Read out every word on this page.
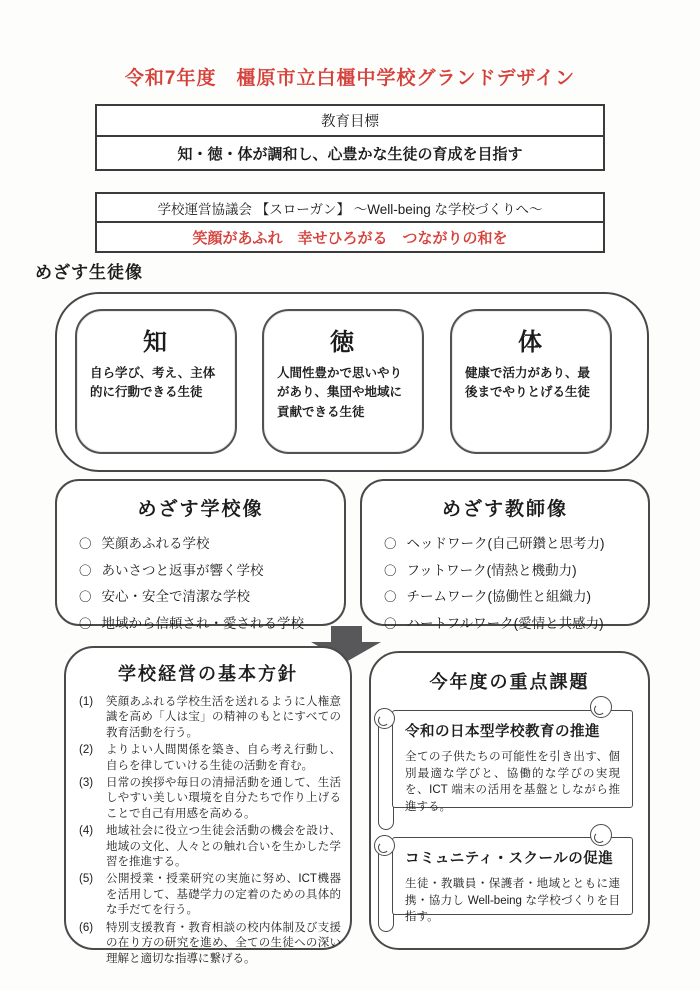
令和7年度　橿原市立白橿中学校グランドデザイン
教育目標
知・徳・体が調和し、心豊かな生徒の育成を目指す
学校運営協議会 【スローガン】 ～Well-being な学校づくりへ～
笑顔があふれ　幸せひろがる　つながりの和を
めざす生徒像
知
自ら学び、考え、主体的に行動できる生徒
徳
人間性豊かで思いやりがあり、集団や地域に貢献できる生徒
体
健康で活力があり、最後までやりとげる生徒
めざす学校像
〇 笑顔あふれる学校
〇 あいさつと返事が響く学校
〇 安心・安全で清潔な学校
〇 地域から信頼され・愛される学校
めざす教師像
〇 ヘッドワーク(自己研鑽と思考力)
〇 フットワーク(情熱と機動力)
〇 チームワーク(協働性と組織力)
〇 ハートフルワーク(愛情と共感力)
学校経営の基本方針
(1)	笑顔あふれる学校生活を送れるように人権意識を高め「人は宝」の精神のもとにすべての教育活動を行う。
(2)	よりよい人間関係を築き、自ら考え行動し、自らを律していける生徒の活動を育む。
(3)	日常の挨拶や毎日の清掃活動を通して、生活しやすい美しい環境を自分たちで作り上げることで自己有用感を高める。
(4)	地域社会に役立つ生徒会活動の機会を設け、地域の文化、人々との触れ合いを生かした学習を推進する。
(5)	公開授業・授業研究の実施に努め、ICT機器を活用して、基礎学力の定着のための具体的な手だてを行う。
(6)	特別支援教育・教育相談の校内体制及び支援の在り方の研究を進め、全ての生徒への深い理解と適切な指導に繋げる。
今年度の重点課題
令和の日本型学校教育の推進
全ての子供たちの可能性を引き出す、個別最適な学びと、協働的な学びの実現を、ICT 端末の活用を基盤としながら推進する。
コミュニティ・スクールの促進
生徒・教職員・保護者・地域とともに連携・協力し Well-being な学校づくりを目指す。
